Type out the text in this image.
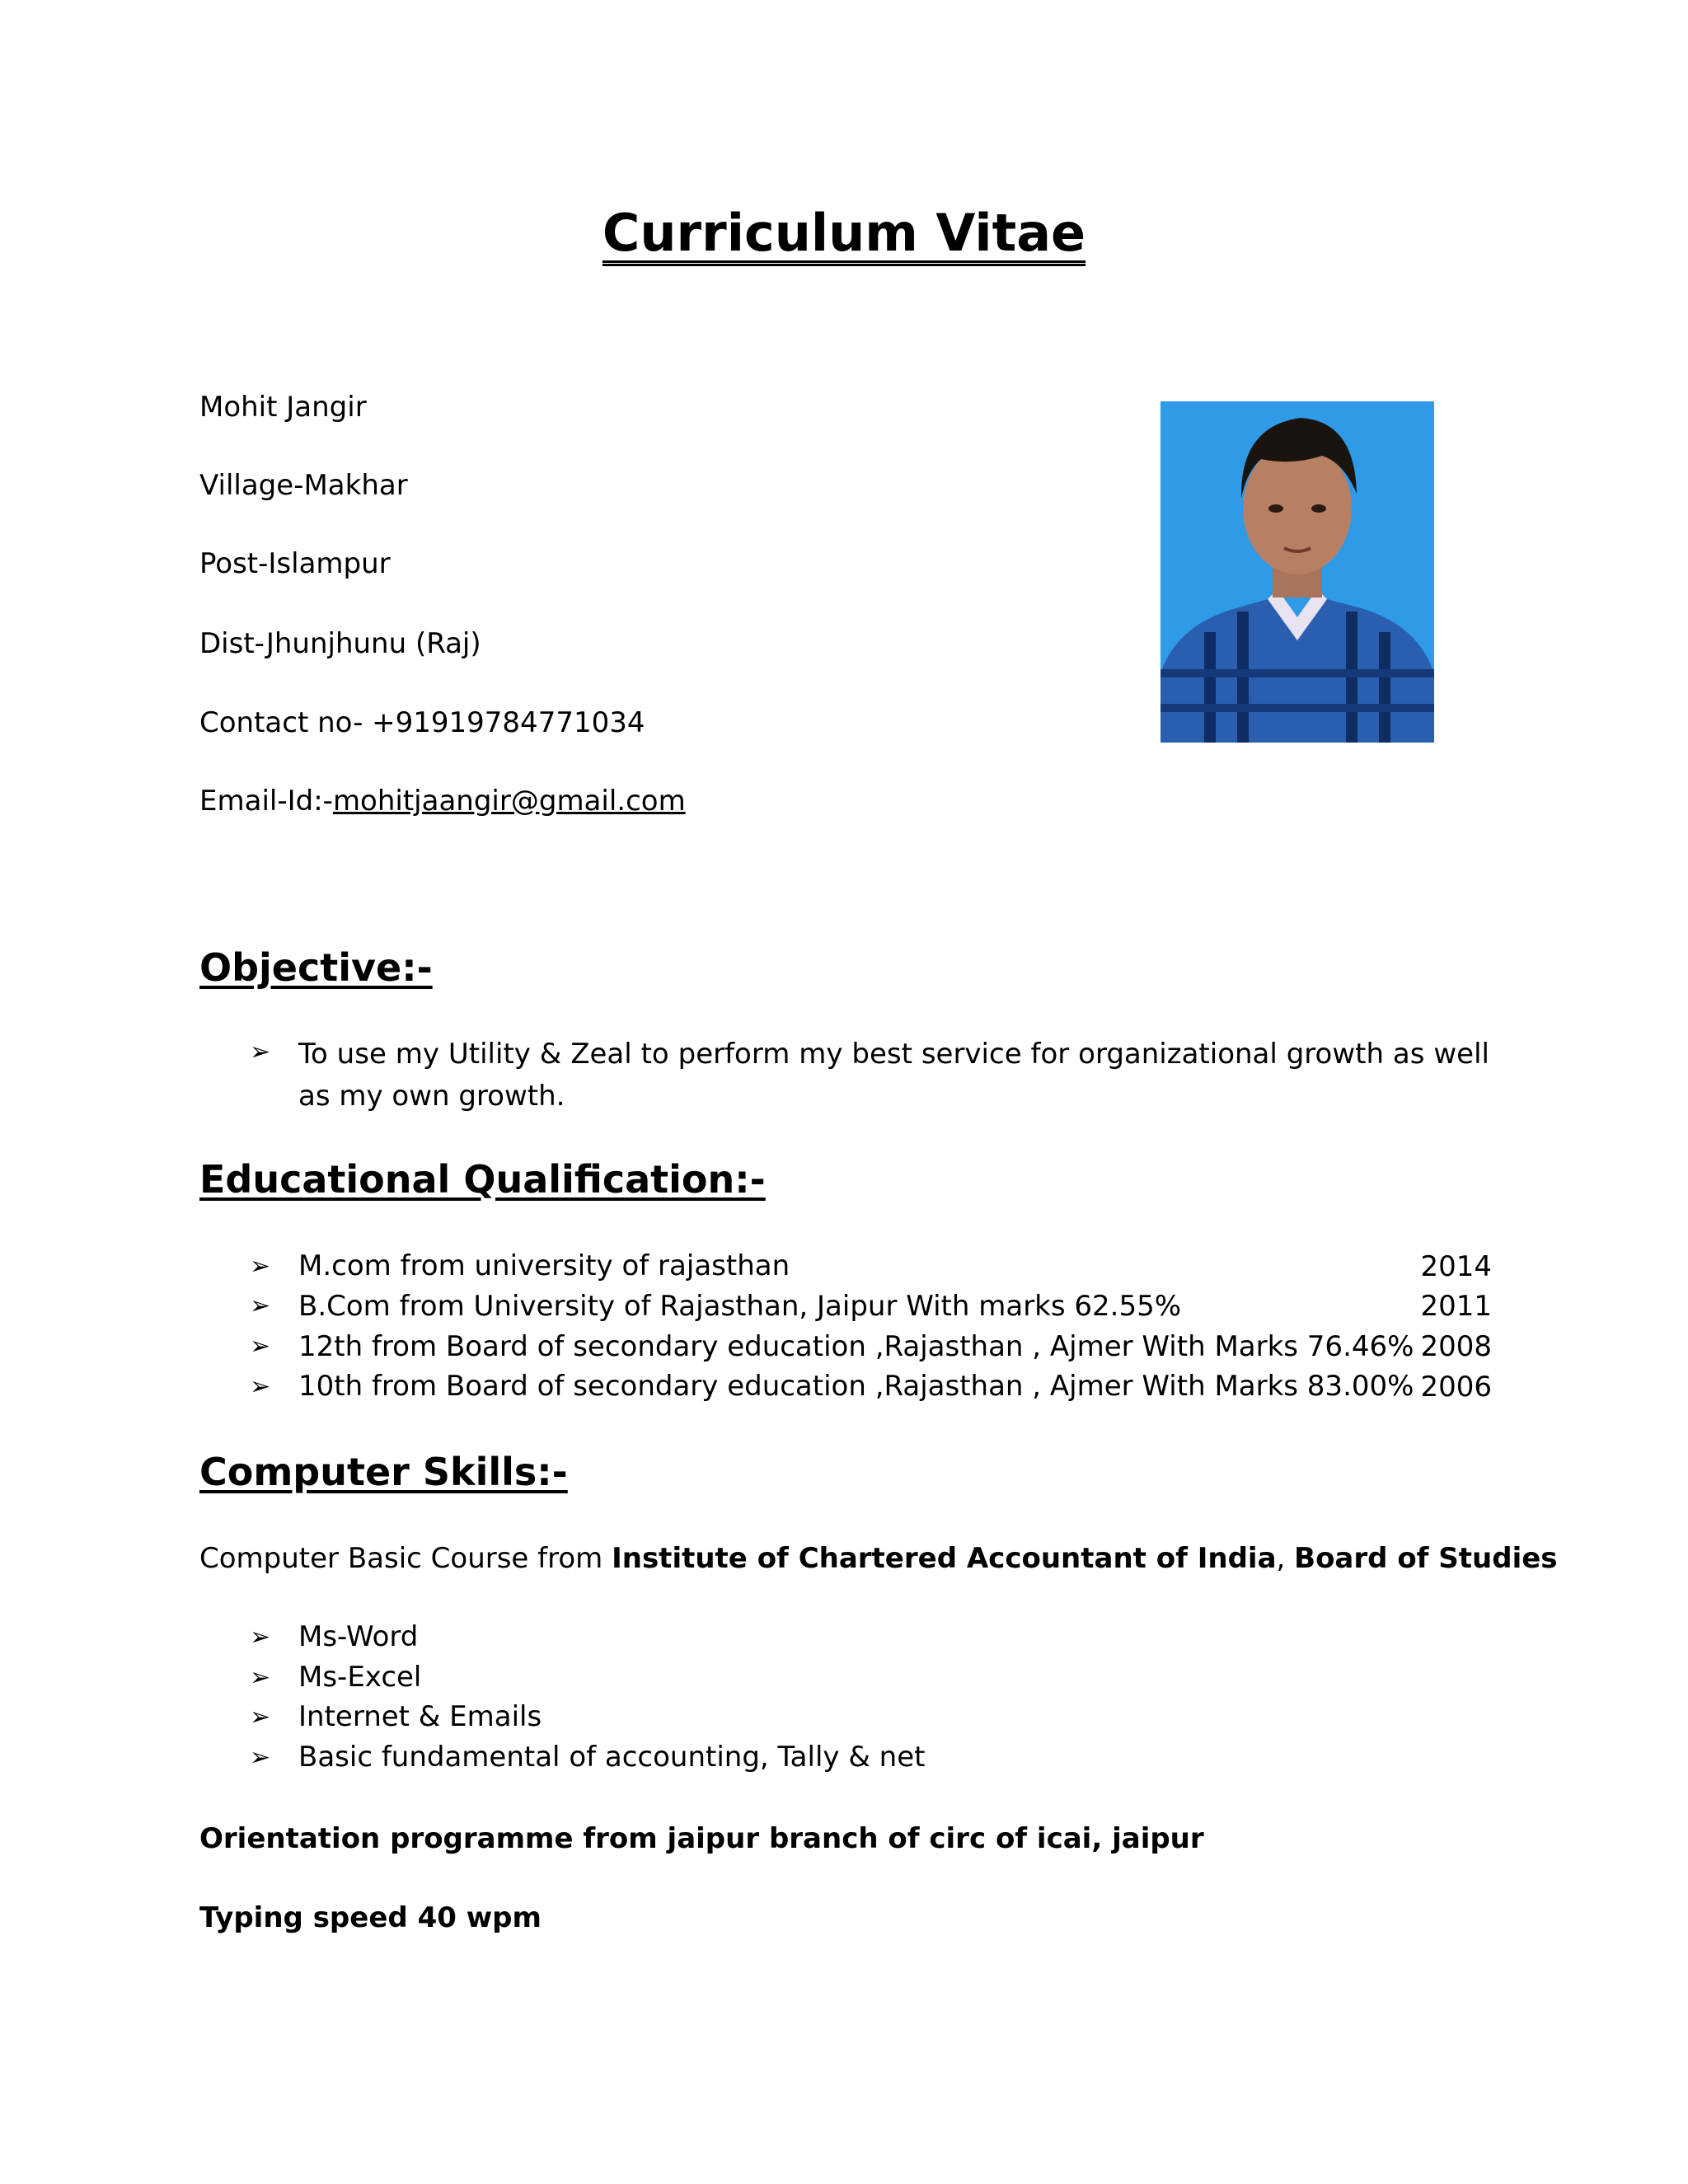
Curriculum Vitae
Mohit Jangir
Village-Makhar
Post-Islampur
Dist-Jhunjhunu (Raj)
Contact no- +91919784771034
Email-Id:-mohitjaangir@gmail.com
Objective:-
➢ To use my Utility & Zeal to perform my best service for organizational growth as well as my own growth.
Educational Qualification:-
➢ M.com from university of rajasthan	2014
➢ B.Com from University of Rajasthan, Jaipur With marks 62.55%	2011
➢ 12th from Board of secondary education ,Rajasthan , Ajmer With Marks 76.46% 2008
➢ 10th from Board of secondary education ,Rajasthan , Ajmer With Marks 83.00% 2006
Computer Skills:-
Computer Basic Course from Institute of Chartered Accountant of India, Board of Studies
➢ Ms-Word
➢ Ms-Excel
➢ Internet & Emails
➢ Basic fundamental of accounting, Tally & net
Orientation programme from jaipur branch of circ of icai, jaipur
Typing speed 40 wpm
